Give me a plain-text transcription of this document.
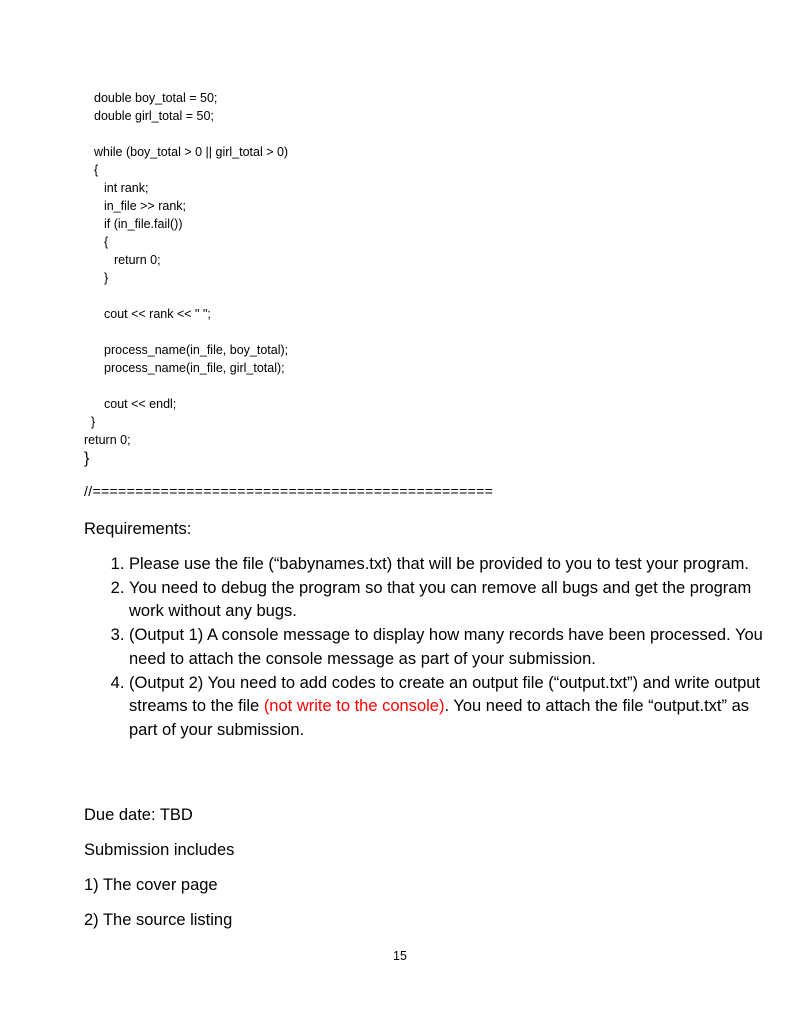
double boy_total = 50;
double girl_total = 50;
while (boy_total > 0 || girl_total > 0)
{
int rank;
in_file >> rank;
if (in_file.fail())
{
return 0;
}
cout << rank << " ";
process_name(in_file, boy_total);
process_name(in_file, girl_total);
cout << endl;
}
return 0;
}
//===============================================
Requirements:
1. Please use the file (“babynames.txt) that will be provided to you to test your program.
2. You need to debug the program so that you can remove all bugs and get the program work without any bugs.
3. (Output 1) A console message to display how many records have been processed. You need to attach the console message as part of your submission.
4. (Output 2) You need to add codes to create an output file (“output.txt”) and write output streams to the file (not write to the console). You need to attach the file “output.txt” as part of your submission.
Due date: TBD
Submission includes
1) The cover page
2) The source listing
15
